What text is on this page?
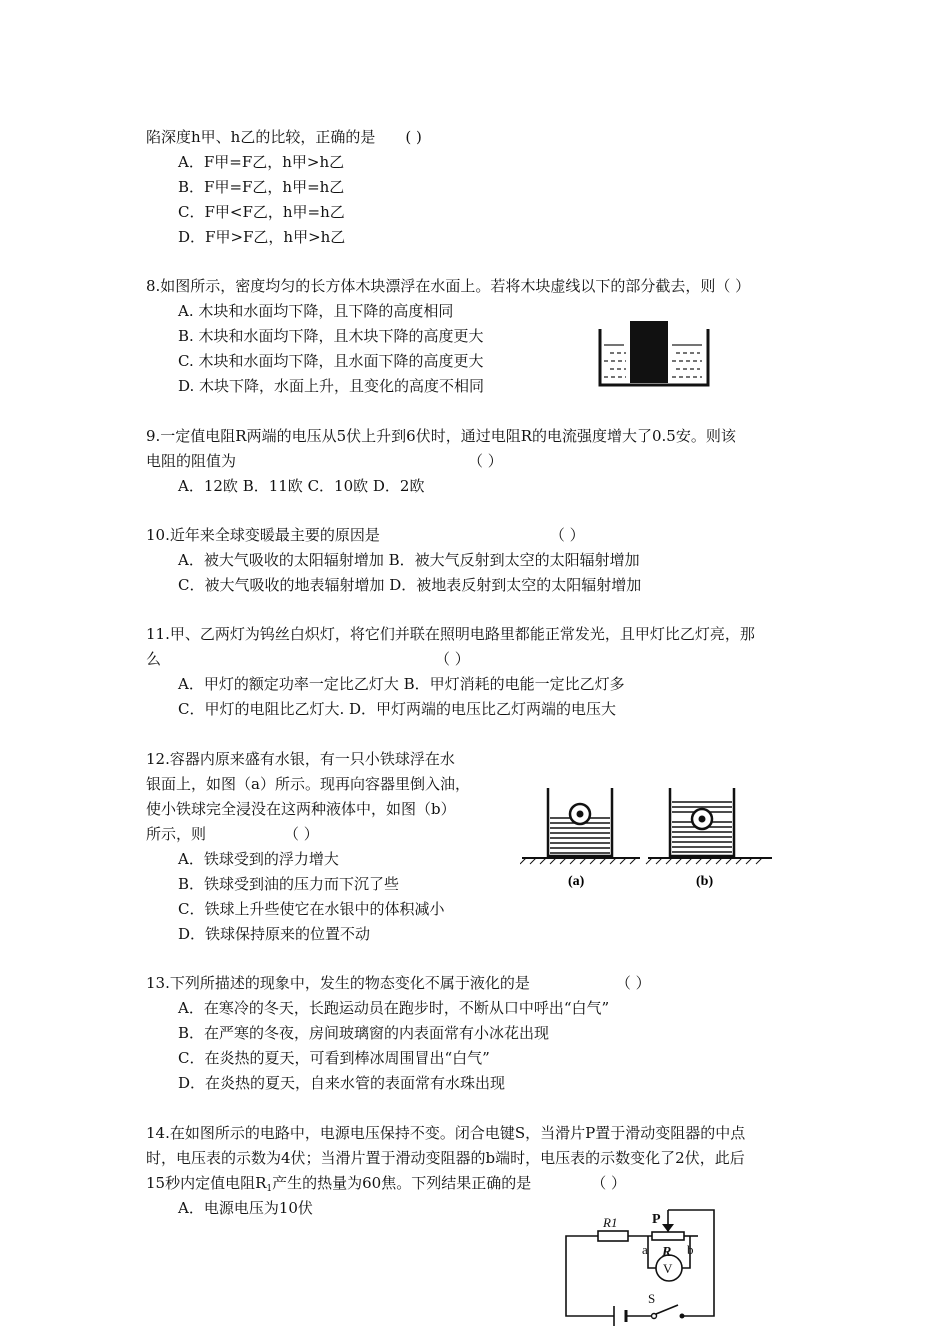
陷深度h甲、h乙的比较，正确的是 ( )
A．F甲=F乙，h甲>h乙
B．F甲=F乙，h甲=h乙
C．F甲<F乙，h甲=h乙
D．F甲>F乙，h甲>h乙
8.如图所示，密度均匀的长方体木块漂浮在水面上。若将木块虚线以下的部分截去，则（ ）
A. 木块和水面均下降，且下降的高度相同
B. 木块和水面均下降，且木块下降的高度更大
C. 木块和水面均下降，且水面下降的高度更大
D. 木块下降，水面上升，且变化的高度不相同
9.一定值电阻R两端的电压从5伏上升到6伏时，通过电阻R的电流强度增大了0.5安。则该
电阻的阻值为	（ ）
A．12欧 B．11欧 C．10欧 D．2欧
10.近年来全球变暖最主要的原因是	（ ）
A．被大气吸收的太阳辐射增加 B．被大气反射到太空的太阳辐射增加
C．被大气吸收的地表辐射增加 D．被地表反射到太空的太阳辐射增加
11.甲、乙两灯为钨丝白炽灯，将它们并联在照明电路里都能正常发光，且甲灯比乙灯亮，那
么	（ ）
A．甲灯的额定功率一定比乙灯大 B．甲灯消耗的电能一定比乙灯多
C．甲灯的电阻比乙灯大. D．甲灯两端的电压比乙灯两端的电压大
12.容器内原来盛有水银，有一只小铁球浮在水
银面上，如图（a）所示。现再向容器里倒入油，
使小铁球完全浸没在这两种液体中，如图（b）
所示，则	（ ）
A．铁球受到的浮力增大
B．铁球受到油的压力而下沉了些
C．铁球上升些使它在水银中的体积减小
D．铁球保持原来的位置不动
(a)	(b)
13.下列所描述的现象中，发生的物态变化不属于液化的是	（ ）
A．在寒冷的冬天，长跑运动员在跑步时，不断从口中呼出“白气”
B．在严寒的冬夜，房间玻璃窗的内表面常有小冰花出现
C．在炎热的夏天，可看到棒冰周围冒出“白气”
D．在炎热的夏天，自来水管的表面常有水珠出现
14.在如图所示的电路中，电源电压保持不变。闭合电键S，当滑片P置于滑动变阻器的中点
时，电压表的示数为4伏；当滑片置于滑动变阻器的b端时，电压表的示数变化了2伏，此后
15秒内定值电阻$R_1$产生的热量为60焦。下列结果正确的是	（ ）
A．电源电压为10伏
R1 P
R
a	b
V
S
